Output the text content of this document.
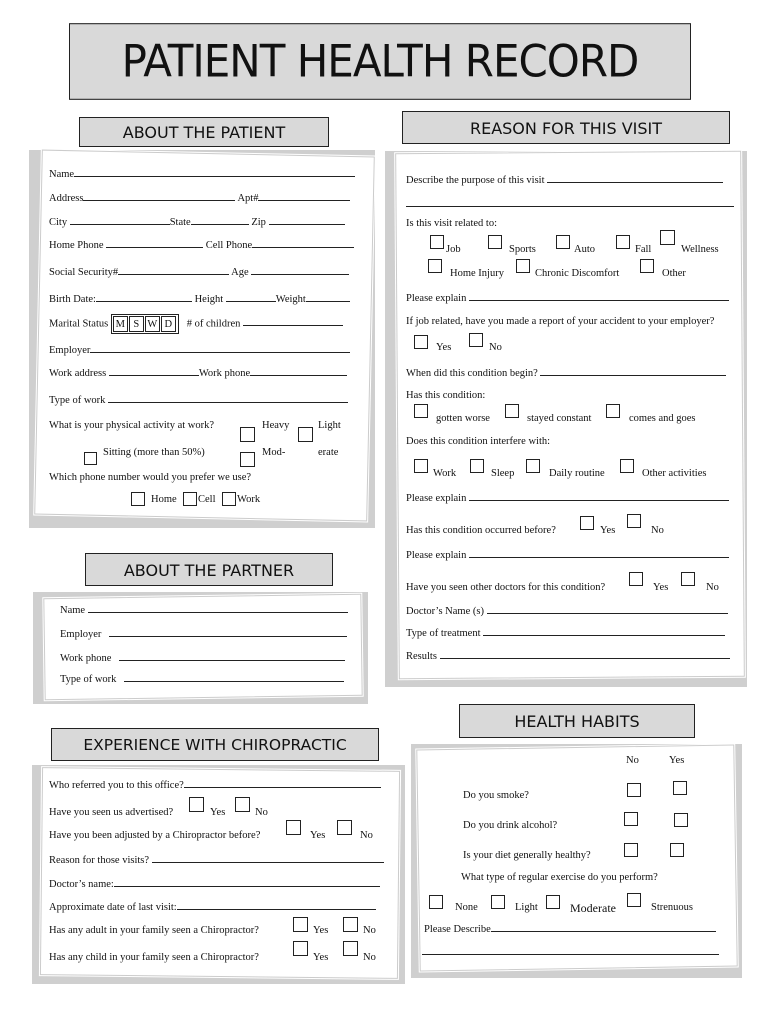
PATIENT HEALTH RECORD
ABOUT THE PATIENT
Name
Address	Apt#
City	State	Zip
Home Phone	Cell Phone
Social Security#	Age
Birth Date:	Height	Weight
Marital Status M S W D # of children
Employer
Work address	Work phone
Type of work
What is your physical activity at work?	Heavy	Light
Sitting (more than 50%)	Mod-	erate
Which phone number would you prefer we use?
Home Cell Work
ABOUT THE PARTNER
Name
Employer
Work phone
Type of work
EXPERIENCE WITH CHIROPRACTIC
Who referred you to this office?
Have you seen us advertised?	Yes	No
Have you been adjusted by a Chiropractor before?	Yes	No
Reason for those visits?
Doctor’s name:
Approximate date of last visit:
Has any adult in your family seen a Chiropractor?	Yes	No
Has any child in your family seen a Chiropractor?	Yes	No
REASON FOR THIS VISIT
Describe the purpose of this visit
Is this visit related to:
Job	Sports	Auto	Fall	Wellness
Home Injury	Chronic Discomfort	Other
Please explain
If job related, have you made a report of your accident to your employer?
Yes	No
When did this condition begin?
Has this condition:
gotten worse	stayed constant	comes and goes
Does this condition interfere with:
Work	Sleep	Daily routine	Other activities
Please explain
Has this condition occurred before?	Yes	No
Please explain
Have you seen other doctors for this condition?	Yes	No
Doctor’s Name (s)
Type of treatment
Results
HEALTH HABITS
No	Yes
Do you smoke?
Do you drink alcohol?
Is your diet generally healthy?
What type of regular exercise do you perform?
None	Light	Moderate	Strenuous
Please Describe
